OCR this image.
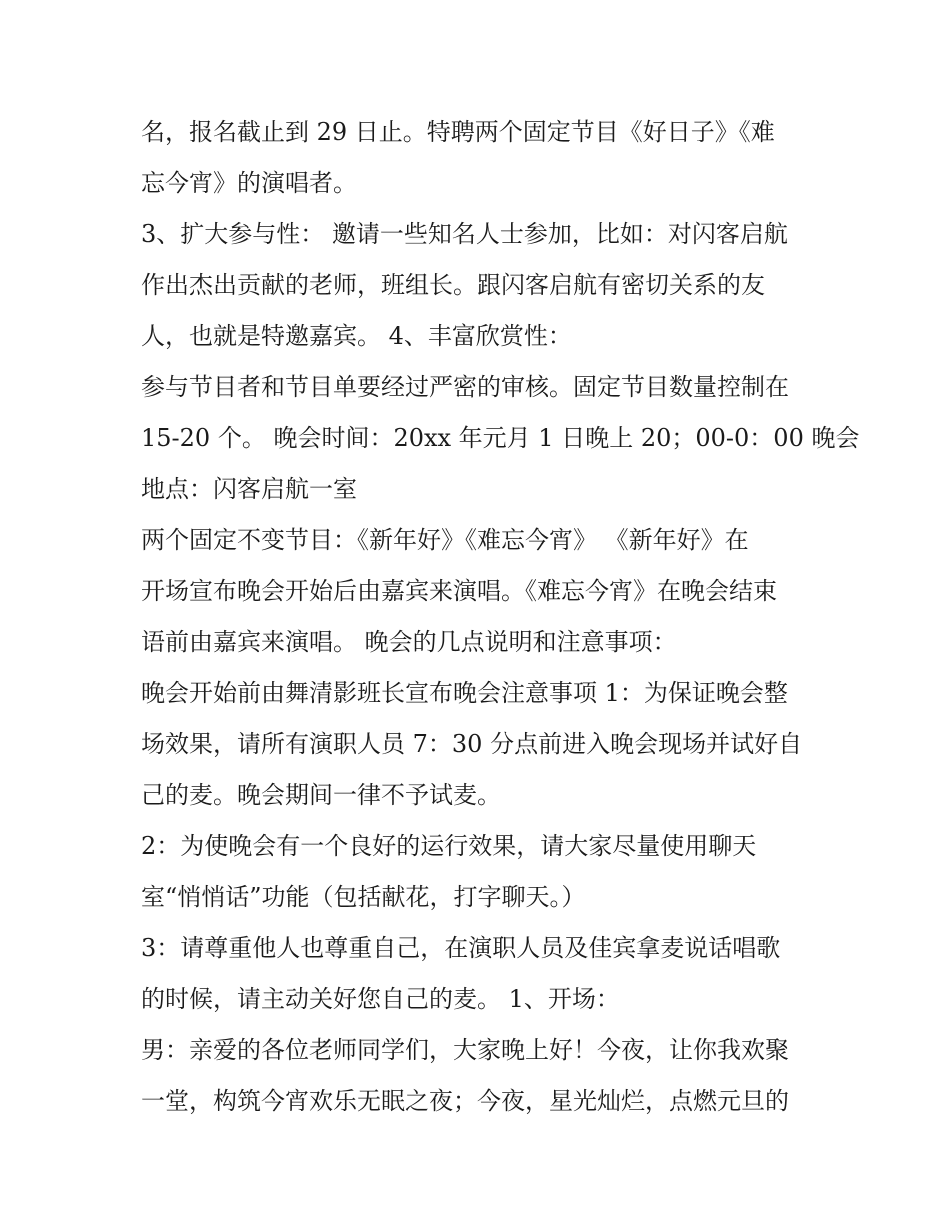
名，报名截止到 29 日止。特聘两个固定节目《好日子》《难
忘今宵》的演唱者。
3、扩大参与性： 邀请一些知名人士参加，比如：对闪客启航
作出杰出贡献的老师，班组长。跟闪客启航有密切关系的友
人，也就是特邀嘉宾。 4、丰富欣赏性：
参与节目者和节目单要经过严密的审核。固定节目数量控制在
15-20 个。 晚会时间：20xx 年元月 1 日晚上 20；00-0：00 晚会
地点：闪客启航一室
两个固定不变节目：《新年好》《难忘今宵》 《新年好》在
开场宣布晚会开始后由嘉宾来演唱。《难忘今宵》在晚会结束
语前由嘉宾来演唱。 晚会的几点说明和注意事项：
晚会开始前由舞清影班长宣布晚会注意事项 1：为保证晚会整
场效果，请所有演职人员 7：30 分点前进入晚会现场并试好自
己的麦。晚会期间一律不予试麦。
2：为使晚会有一个良好的运行效果，请大家尽量使用聊天
室“悄悄话”功能（包括献花，打字聊天。）
3：请尊重他人也尊重自己，在演职人员及佳宾拿麦说话唱歌
的时候，请主动关好您自己的麦。 1、开场：
男：亲爱的各位老师同学们，大家晚上好！今夜，让你我欢聚
一堂，构筑今宵欢乐无眠之夜；今夜，星光灿烂，点燃元旦的
